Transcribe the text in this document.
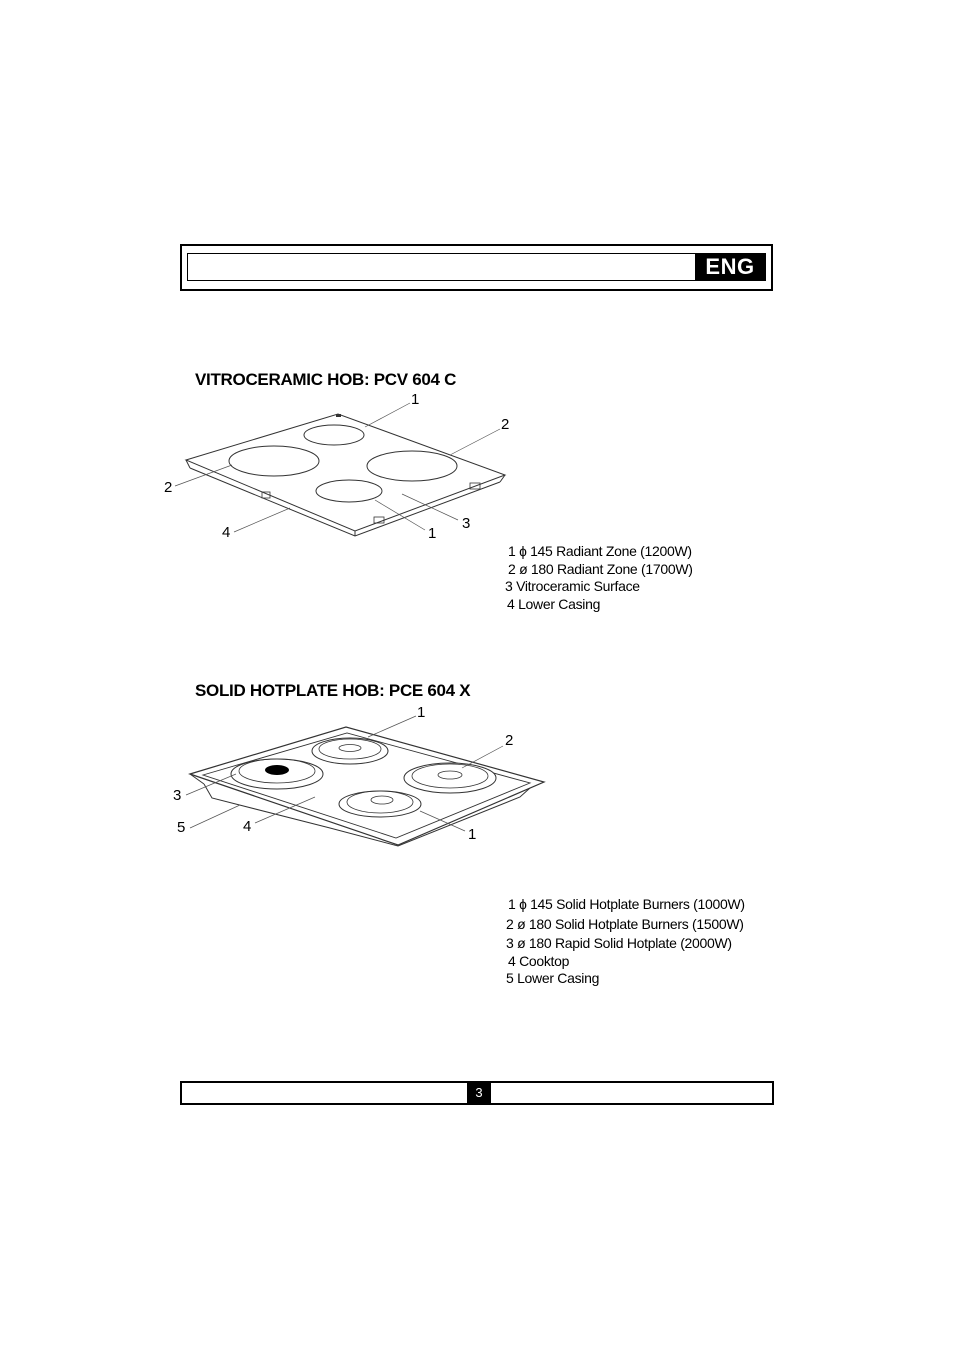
ENG
VITROCERAMIC HOB: PCV 604 C
1
2
2
4	1
3
1 ɸ 145 Radiant Zone (1200W)
2 ø 180 Radiant Zone (1700W)
3 Vitroceramic Surface
4 Lower Casing
SOLID HOTPLATE HOB: PCE 604 X
1
2
3
5	4	1
1 ɸ 145 Solid Hotplate Burners (1000W)
2 ø 180 Solid Hotplate Burners (1500W)
3 ø 180 Rapid Solid Hotplate (2000W)
4 Cooktop
5 Lower Casing
3
